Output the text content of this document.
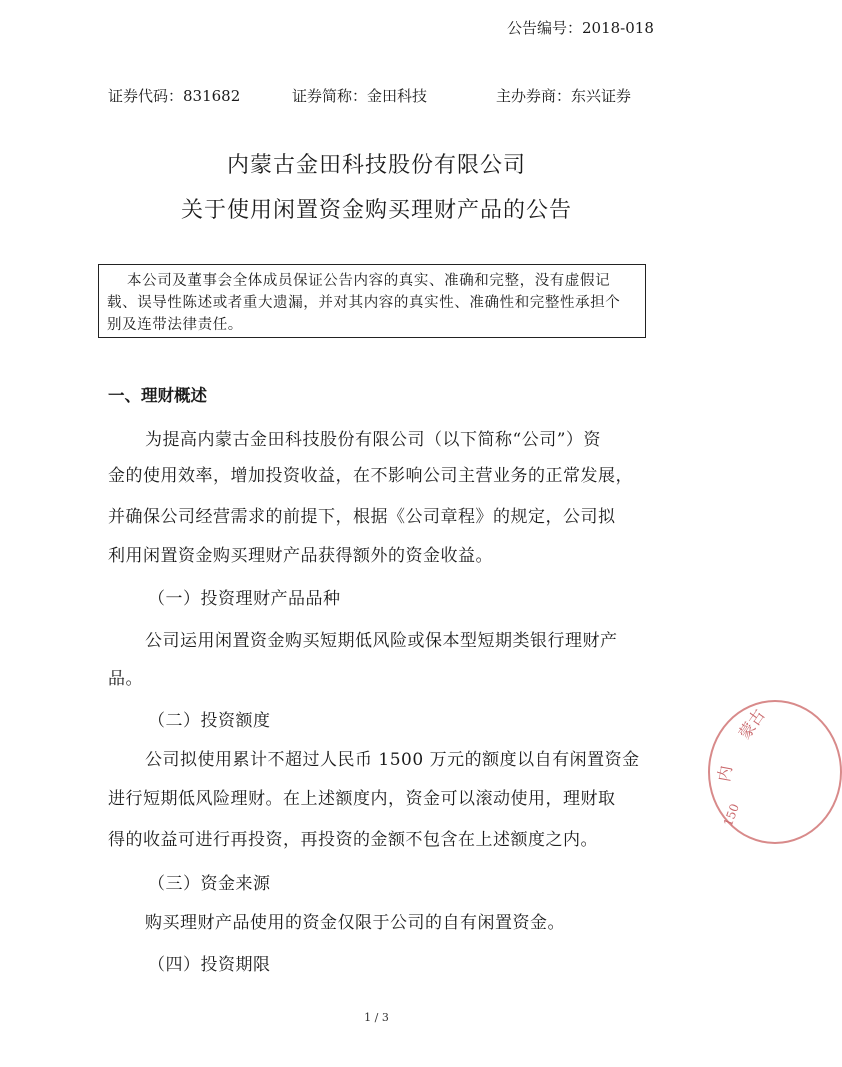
公告编号：2018-018
证券代码：831682	证券简称：金田科技	主办券商：东兴证券
内蒙古金田科技股份有限公司
关于使用闲置资金购买理财产品的公告
本公司及董事会全体成员保证公告内容的真实、准确和完整，没有虚假记
载、误导性陈述或者重大遗漏，并对其内容的真实性、准确性和完整性承担个
别及连带法律责任。
一、理财概述
为提高内蒙古金田科技股份有限公司（以下简称“公司”）资
金的使用效率，增加投资收益，在不影响公司主营业务的正常发展，
并确保公司经营需求的前提下，根据《公司章程》的规定，公司拟
利用闲置资金购买理财产品获得额外的资金收益。
（一）投资理财产品品种
公司运用闲置资金购买短期低风险或保本型短期类银行理财产
品。
（二）投资额度
公司拟使用累计不超过人民币 1500 万元的额度以自有闲置资金
进行短期低风险理财。在上述额度内，资金可以滚动使用，理财取
得的收益可进行再投资，再投资的金额不包含在上述额度之内。
（三）资金来源
购买理财产品使用的资金仅限于公司的自有闲置资金。
（四）投资期限
蒙古
内
150
1 / 3
